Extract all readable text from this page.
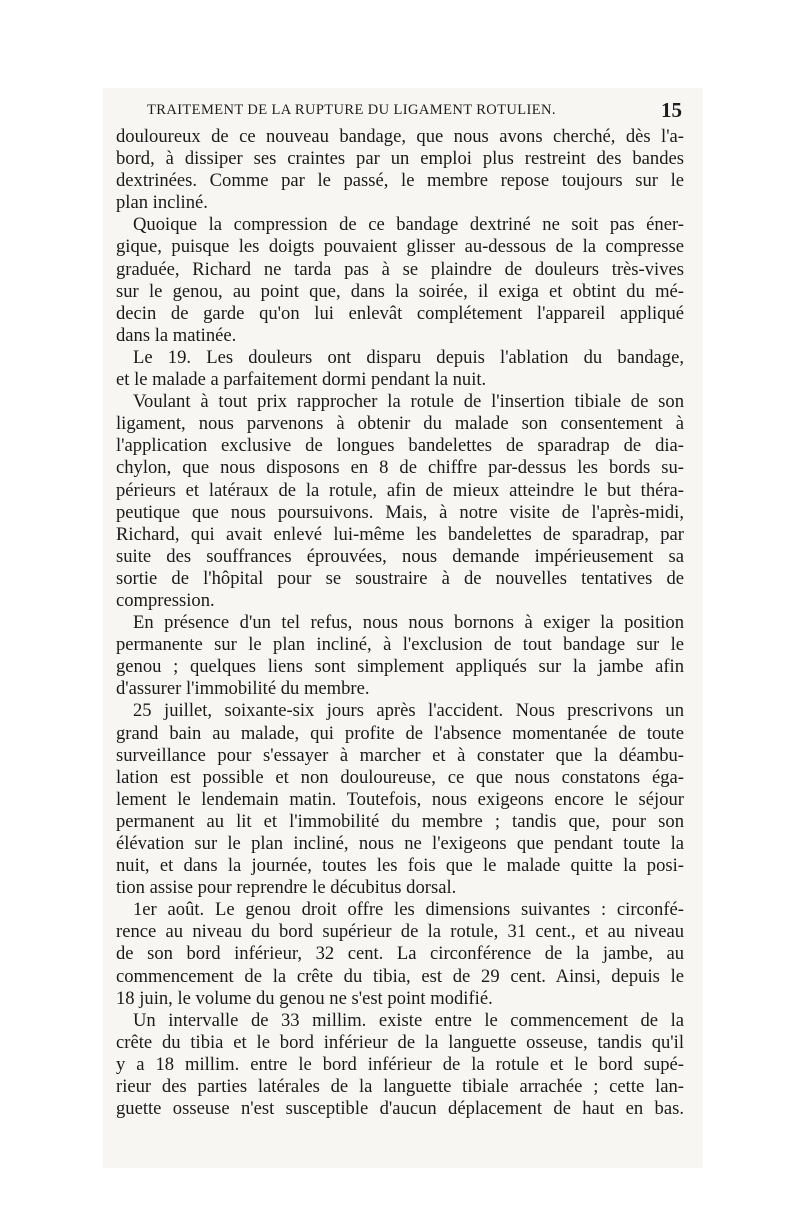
TRAITEMENT DE LA RUPTURE DU LIGAMENT ROTULIEN.	15
douloureux de ce nouveau bandage, que nous avons cherché, dès l'a-
bord, à dissiper ses craintes par un emploi plus restreint des bandes
dextrinées. Comme par le passé, le membre repose toujours sur le
plan incliné.
Quoique la compression de ce bandage dextriné ne soit pas éner-
gique, puisque les doigts pouvaient glisser au-dessous de la compresse
graduée, Richard ne tarda pas à se plaindre de douleurs très-vives
sur le genou, au point que, dans la soirée, il exiga et obtint du mé-
decin de garde qu'on lui enlevât complétement l'appareil appliqué
dans la matinée.
Le 19. Les douleurs ont disparu depuis l'ablation du bandage,
et le malade a parfaitement dormi pendant la nuit.
Voulant à tout prix rapprocher la rotule de l'insertion tibiale de son
ligament, nous parvenons à obtenir du malade son consentement à
l'application exclusive de longues bandelettes de sparadrap de dia-
chylon, que nous disposons en 8 de chiffre par-dessus les bords su-
périeurs et latéraux de la rotule, afin de mieux atteindre le but théra-
peutique que nous poursuivons. Mais, à notre visite de l'après-midi,
Richard, qui avait enlevé lui-même les bandelettes de sparadrap, par
suite des souffrances éprouvées, nous demande impérieusement sa
sortie de l'hôpital pour se soustraire à de nouvelles tentatives de
compression.
En présence d'un tel refus, nous nous bornons à exiger la position
permanente sur le plan incliné, à l'exclusion de tout bandage sur le
genou ; quelques liens sont simplement appliqués sur la jambe afin
d'assurer l'immobilité du membre.
25 juillet, soixante-six jours après l'accident. Nous prescrivons un
grand bain au malade, qui profite de l'absence momentanée de toute
surveillance pour s'essayer à marcher et à constater que la déambu-
lation est possible et non douloureuse, ce que nous constatons éga-
lement le lendemain matin. Toutefois, nous exigeons encore le séjour
permanent au lit et l'immobilité du membre ; tandis que, pour son
élévation sur le plan incliné, nous ne l'exigeons que pendant toute la
nuit, et dans la journée, toutes les fois que le malade quitte la posi-
tion assise pour reprendre le décubitus dorsal.
1er août. Le genou droit offre les dimensions suivantes : circonfé-
rence au niveau du bord supérieur de la rotule, 31 cent., et au niveau
de son bord inférieur, 32 cent. La circonférence de la jambe, au
commencement de la crête du tibia, est de 29 cent. Ainsi, depuis le
18 juin, le volume du genou ne s'est point modifié.
Un intervalle de 33 millim. existe entre le commencement de la
crête du tibia et le bord inférieur de la languette osseuse, tandis qu'il
y a 18 millim. entre le bord inférieur de la rotule et le bord supé-
rieur des parties latérales de la languette tibiale arrachée ; cette lan-
guette osseuse n'est susceptible d'aucun déplacement de haut en bas.
